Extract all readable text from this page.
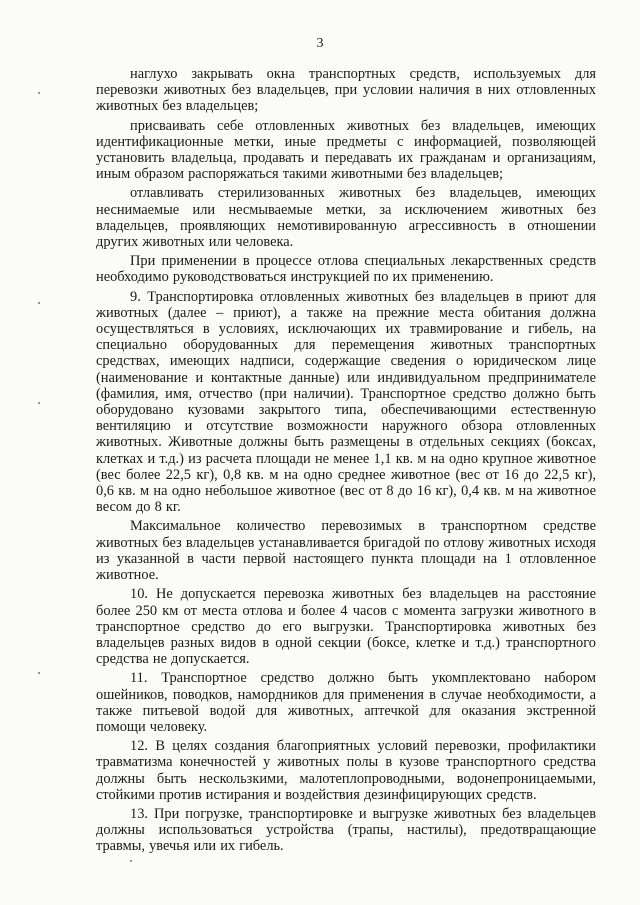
3

наглухо закрывать окна транспортных средств, используемых для перевозки животных без владельцев, при условии наличия в них отловленных животных без владельцев;

присваивать себе отловленных животных без владельцев, имеющих идентификационные метки, иные предметы с информацией, позволяющей установить владельца, продавать и передавать их гражданам и организациям, иным образом распоряжаться такими животными без владельцев;

отлавливать стерилизованных животных без владельцев, имеющих неснимаемые или несмываемые метки, за исключением животных без владельцев, проявляющих немотивированную агрессивность в отношении других животных или человека.

При применении в процессе отлова специальных лекарственных средств необходимо руководствоваться инструкцией по их применению.

9. Транспортировка отловленных животных без владельцев в приют для животных (далее – приют), а также на прежние места обитания должна осуществляться в условиях, исключающих их травмирование и гибель, на специально оборудованных для перемещения животных транспортных средствах, имеющих надписи, содержащие сведения о юридическом лице (наименование и контактные данные) или индивидуальном предпринимателе (фамилия, имя, отчество (при наличии). Транспортное средство должно быть оборудовано кузовами закрытого типа, обеспечивающими естественную вентиляцию и отсутствие возможности наружного обзора отловленных животных. Животные должны быть размещены в отдельных секциях (боксах, клетках и т.д.) из расчета площади не менее 1,1 кв. м на одно крупное животное (вес более 22,5 кг), 0,8 кв. м на одно среднее животное (вес от 16 до 22,5 кг), 0,6 кв. м на одно небольшое животное (вес от 8 до 16 кг), 0,4 кв. м на животное весом до 8 кг.

Максимальное количество перевозимых в транспортном средстве животных без владельцев устанавливается бригадой по отлову животных исходя из указанной в части первой настоящего пункта площади на 1 отловленное животное.

10. Не допускается перевозка животных без владельцев на расстояние более 250 км от места отлова и более 4 часов с момента загрузки животного в транспортное средство до его выгрузки. Транспортировка животных без владельцев разных видов в одной секции (боксе, клетке и т.д.) транспортного средства не допускается.

11. Транспортное средство должно быть укомплектовано набором ошейников, поводков, намордников для применения в случае необходимости, а также питьевой водой для животных, аптечкой для оказания экстренной помощи человеку.

12. В целях создания благоприятных условий перевозки, профилактики травматизма конечностей у животных полы в кузове транспортного средства должны быть нескользкими, малотеплопроводными, водонепроницаемыми, стойкими против истирания и воздействия дезинфицирующих средств.

13. При погрузке, транспортировке и выгрузке животных без владельцев должны использоваться устройства (трапы, настилы), предотвращающие травмы, увечья или их гибель.
